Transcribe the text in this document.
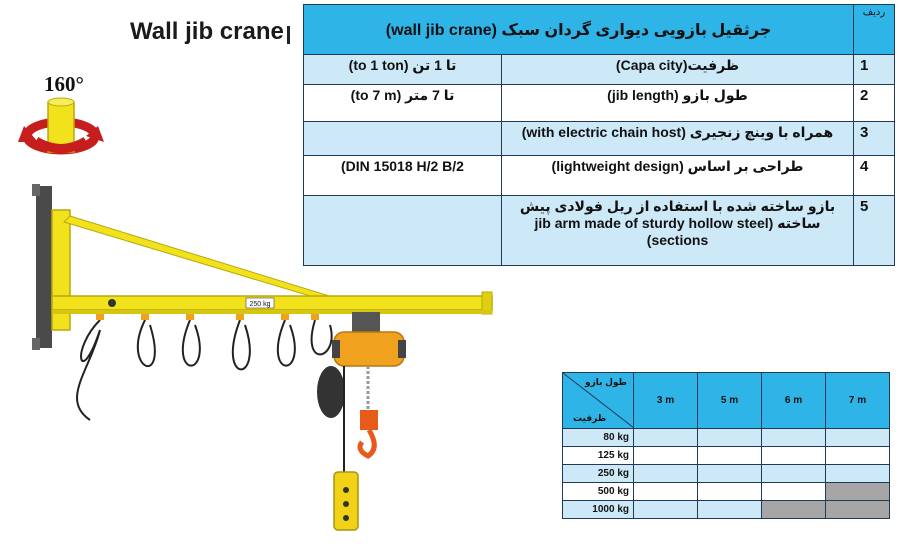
Wall jib crane
160°
250 kg
جرثقیل بازویی دیواری گردان سبک (wall jib crane)		ردیف
تا 1 تن (to 1 ton)	ظرفیت(Capa city)	1
تا 7 متر (to 7 m)	طول بازو (jib length)	2
	همراه با وینچ زنجیری (with electric chain host)	3
(DIN 15018 H/2 B/2	طراحی بر اساس (lightweight design)	4
	بازو ساخته شده با استفاده از ریل فولادی پیش ساخته (jib arm made of sturdy hollow steel sections)	5
طول بازو
ظرفیت	3 m	5 m	6 m	7 m
80 kg				
125 kg				
250 kg				
500 kg				
1000 kg				
